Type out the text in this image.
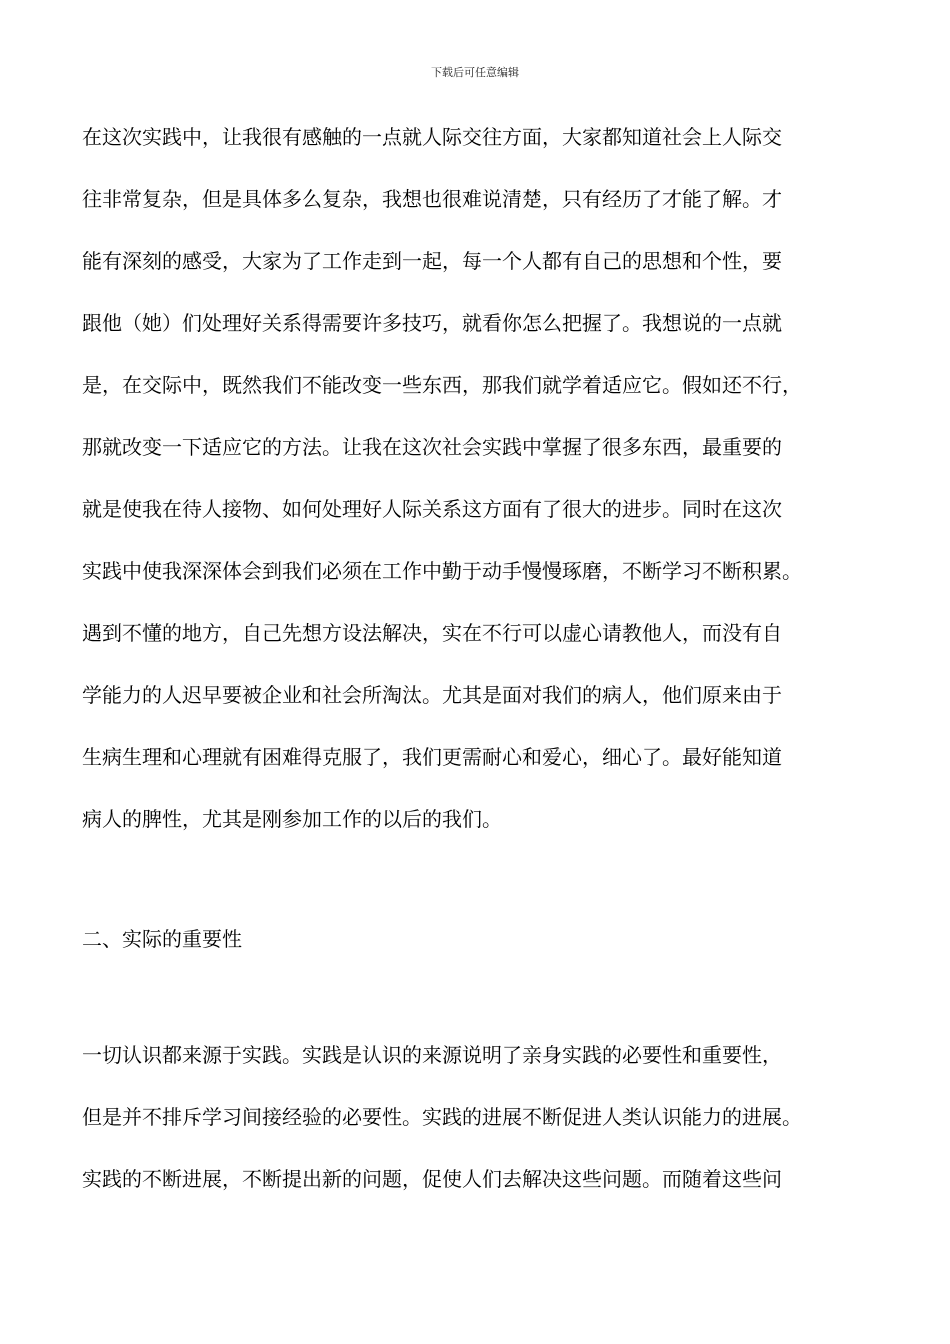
下载后可任意编辑
在这次实践中，让我很有感触的一点就人际交往方面，大家都知道社会上人际交
往非常复杂，但是具体多么复杂，我想也很难说清楚，只有经历了才能了解。才
能有深刻的感受，大家为了工作走到一起，每一个人都有自己的思想和个性，要
跟他（她）们处理好关系得需要许多技巧，就看你怎么把握了。我想说的一点就
是，在交际中，既然我们不能改变一些东西，那我们就学着适应它。假如还不行，
那就改变一下适应它的方法。让我在这次社会实践中掌握了很多东西，最重要的
就是使我在待人接物、如何处理好人际关系这方面有了很大的进步。同时在这次
实践中使我深深体会到我们必须在工作中勤于动手慢慢琢磨，不断学习不断积累。
遇到不懂的地方，自己先想方设法解决，实在不行可以虚心请教他人，而没有自
学能力的人迟早要被企业和社会所淘汰。尤其是面对我们的病人，他们原来由于
生病生理和心理就有困难得克服了，我们更需耐心和爱心，细心了。最好能知道
病人的脾性，尤其是刚参加工作的以后的我们。
二、实际的重要性
一切认识都来源于实践。实践是认识的来源说明了亲身实践的必要性和重要性，
但是并不排斥学习间接经验的必要性。实践的进展不断促进人类认识能力的进展。
实践的不断进展，不断提出新的问题，促使人们去解决这些问题。而随着这些问
